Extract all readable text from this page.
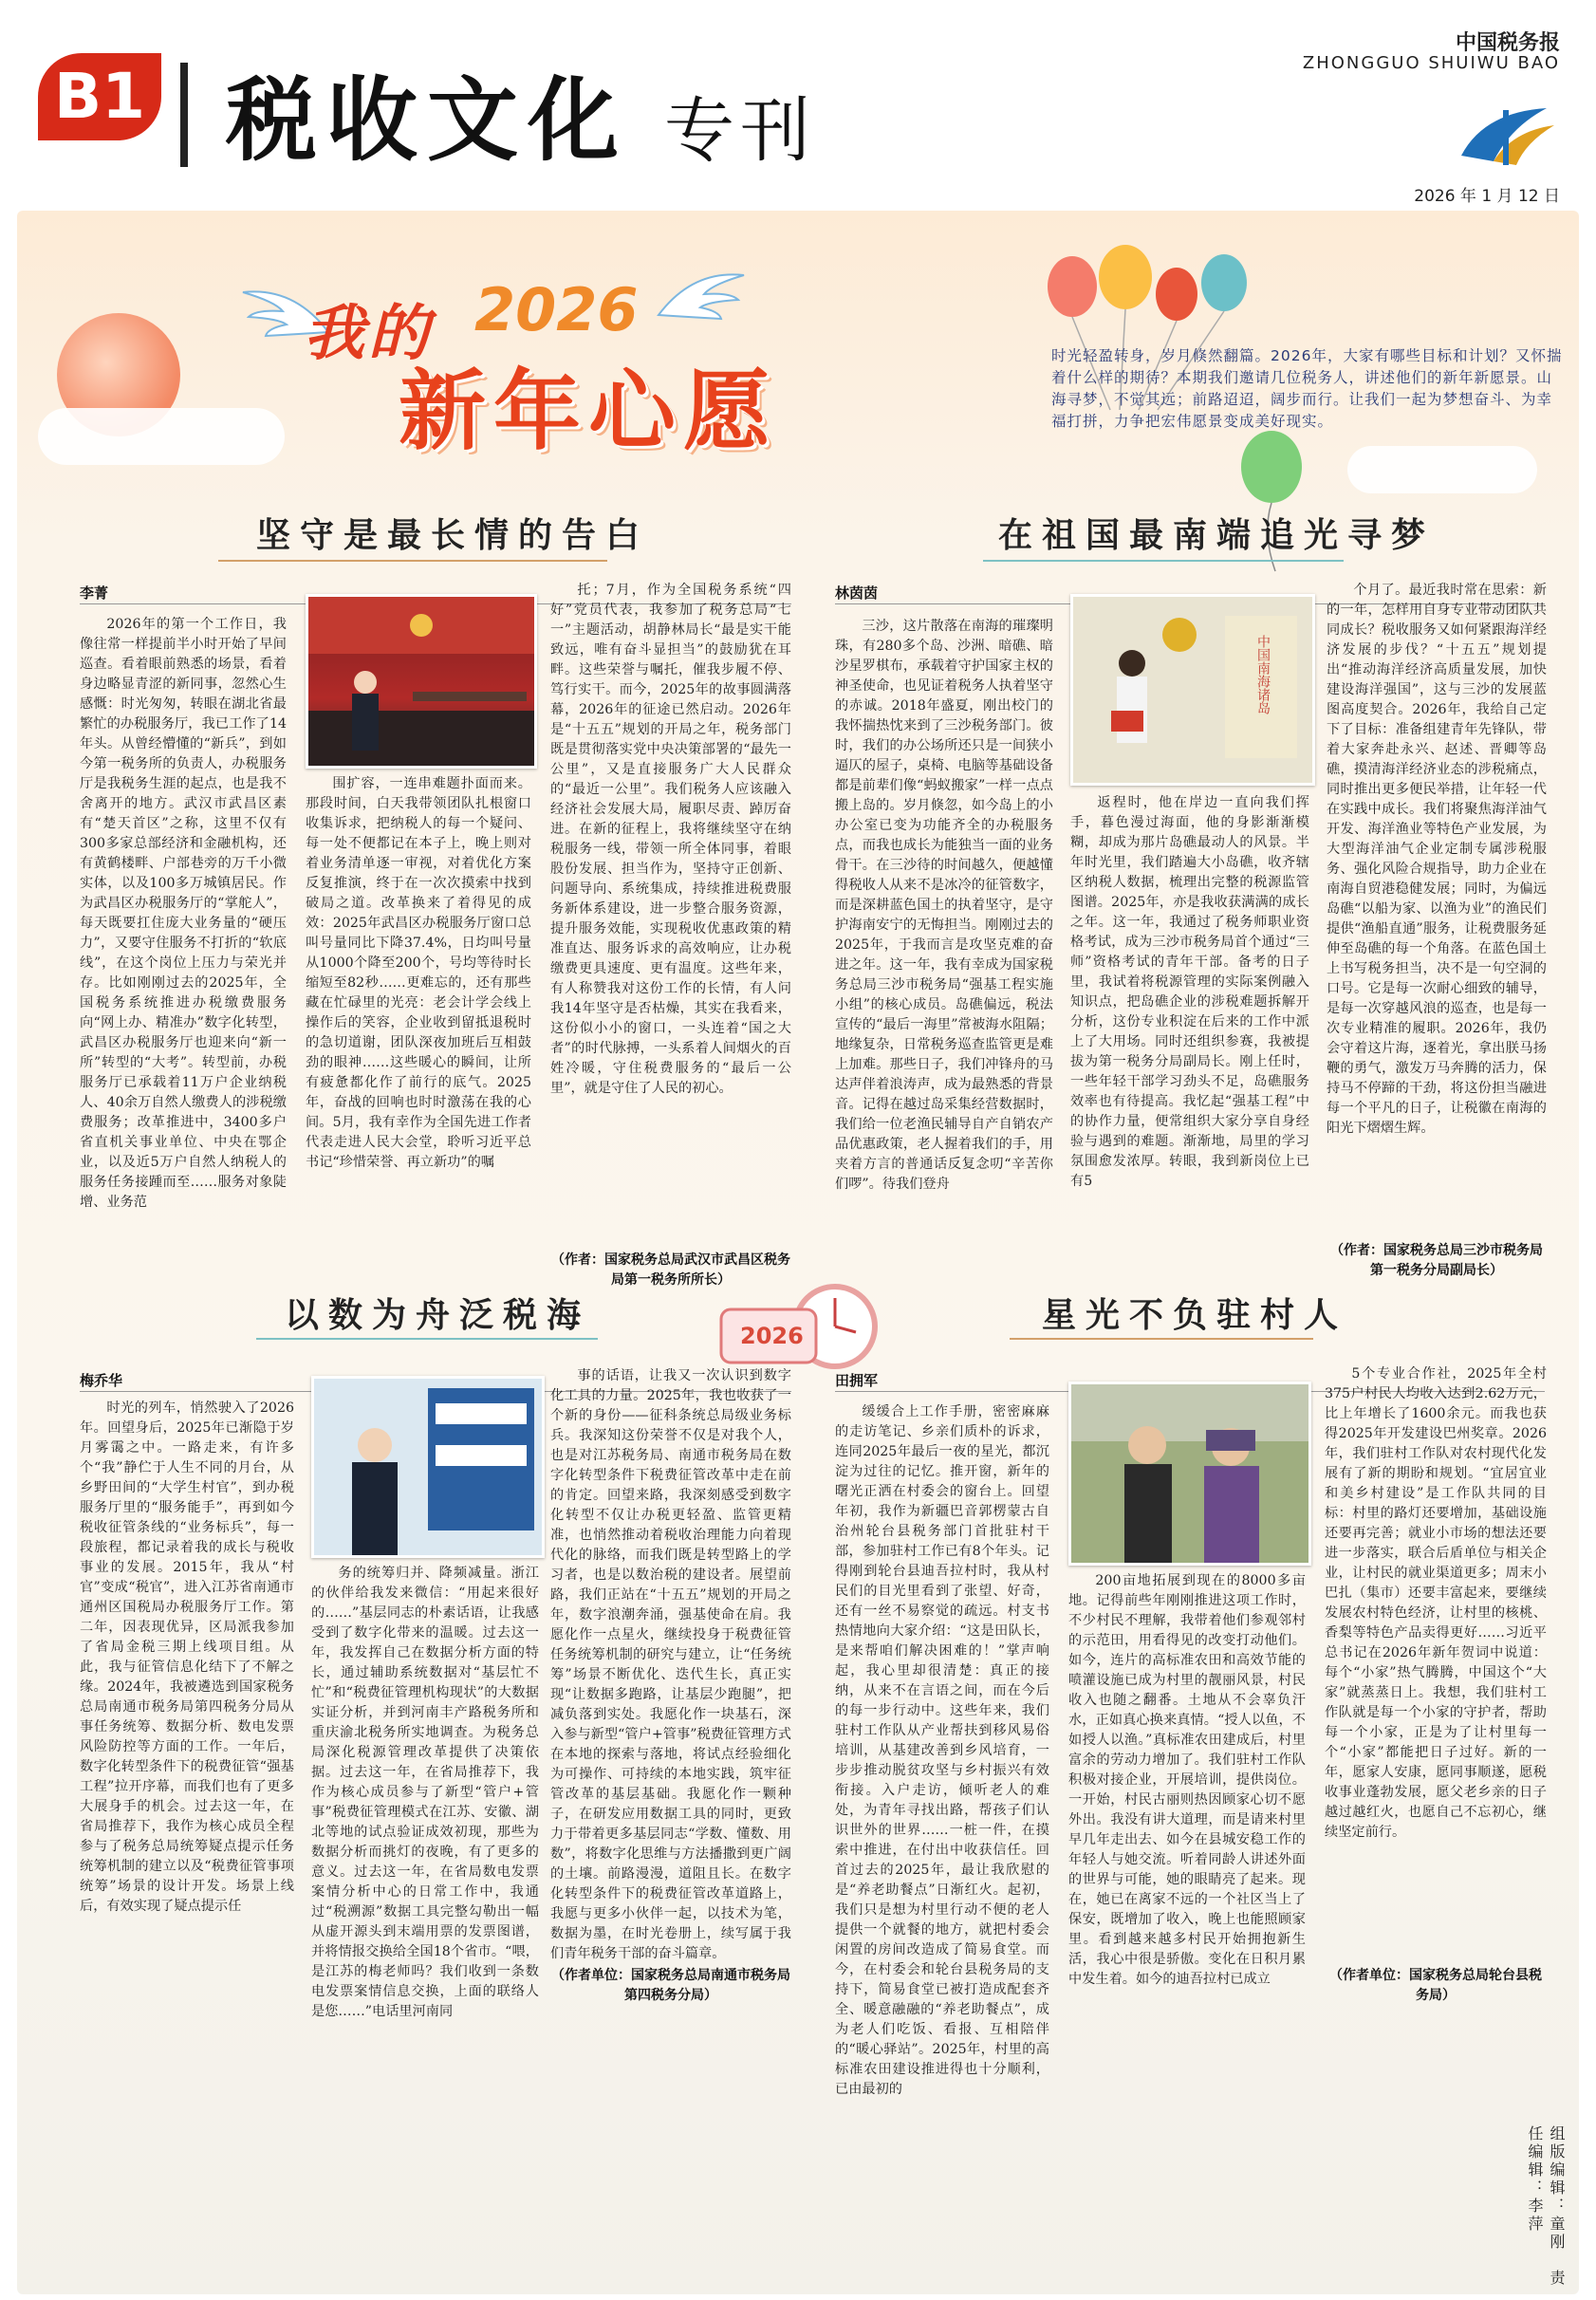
B1 税收文化 专刊
中国税务报
ZHONGGUO SHUIWU BAO
2026 年 1 月 12 日
我的 2026
新年心愿
时光轻盈转身，岁月倏然翻篇。2026年，大家有哪些目标和计划？又怀揣着什么样的期待？本期我们邀请几位税务人，讲述他们的新年新愿景。山海寻梦，不觉其远；前路迢迢，阔步而行。让我们一起为梦想奋斗、为幸福打拼，力争把宏伟愿景变成美好现实。
坚守是最长情的告白
李菁
2026年的第一个工作日，我像往常一样提前半小时开始了早间巡查。看着眼前熟悉的场景，看着身边略显青涩的新同事，忽然心生感慨：时光匆匆，转眼在湖北省最繁忙的办税服务厅，我已工作了14年头。从曾经懵懂的“新兵”，到如今第一税务所的负责人，办税服务厅是我税务生涯的起点，也是我不舍离开的地方。武汉市武昌区素有“楚天首区”之称，这里不仅有300多家总部经济和金融机构，还有黄鹤楼畔、户部巷旁的万千小微实体，以及100多万城镇居民。作为武昌区办税服务厅的“掌舵人”，每天既要扛住庞大业务量的“硬压力”，又要守住服务不打折的“软底线”，在这个岗位上压力与荣光并存。比如刚刚过去的2025年，全国税务系统推进办税缴费服务向“网上办、精准办”数字化转型，武昌区办税服务厅也迎来向“新一所”转型的“大考”。转型前，办税服务厅已承载着11万户企业纳税人、40余万自然人缴费人的涉税缴费服务；改革推进中，3400多户省直机关事业单位、中央在鄂企业，以及近5万户自然人纳税人的服务任务接踵而至……服务对象陡增、业务范
围扩容，一连串难题扑面而来。那段时间，白天我带领团队扎根窗口收集诉求，把纳税人的每一个疑问、每一处不便都记在本子上，晚上则对着业务清单逐一审视，对着优化方案反复推演，终于在一次次摸索中找到破局之道。改革换来了着得见的成效：2025年武昌区办税服务厅窗口总叫号量同比下降37.4%，日均叫号量从1000个降至200个，号均等待时长缩短至82秒……更难忘的，还有那些藏在忙碌里的光亮：老会计学会线上操作后的笑容，企业收到留抵退税时的急切道谢，团队深夜加班后互相鼓劲的眼神……这些暖心的瞬间，让所有疲惫都化作了前行的底气。2025年，奋战的回响也时时激荡在我的心间。5月，我有幸作为全国先进工作者代表走进人民大会堂，聆听习近平总书记“珍惜荣誉、再立新功”的嘱
托；7月，作为全国税务系统“四好”党员代表，我参加了税务总局“七一”主题活动，胡静林局长“最是实干能致远，唯有奋斗显担当”的鼓励犹在耳畔。这些荣誉与嘱托，催我步履不停、笃行实干。而今，2025年的故事圆满落幕，2026年的征途已然启动。2026年是“十五五”规划的开局之年，税务部门既是贯彻落实党中央决策部署的“最先一公里”，又是直接服务广大人民群众的“最近一公里”。我们税务人应该融入经济社会发展大局，履职尽责、踔厉奋进。在新的征程上，我将继续坚守在纳税服务一线，带领一所全体同事，着眼股份发展、担当作为，坚持守正创新、问题导向、系统集成，持续推进税费服务新体系建设，进一步整合服务资源，提升服务效能，实现税收优惠政策的精准直达、服务诉求的高效响应，让办税缴费更具速度、更有温度。这些年来，有人称赞我对这份工作的长情，有人问我14年坚守是否枯燥，其实在我看来，这份似小小的窗口，一头连着“国之大者”的时代脉搏，一头系着人间烟火的百姓冷暖，守住税费服务的“最后一公里”，就是守住了人民的初心。
（作者：国家税务总局武汉市武昌区税务局第一税务所所长）
在祖国最南端追光寻梦
林茵茵
三沙，这片散落在南海的璀璨明珠，有280多个岛、沙洲、暗礁、暗沙星罗棋布，承载着守护国家主权的神圣使命，也见证着税务人执着坚守的赤诚。2018年盛夏，刚出校门的我怀揣热忱来到了三沙税务部门。彼时，我们的办公场所还只是一间狭小逼仄的屋子，桌椅、电脑等基础设备都是前辈们像“蚂蚁搬家”一样一点点搬上岛的。岁月倏忽，如今岛上的小办公室已变为功能齐全的办税服务点，而我也成长为能独当一面的业务骨干。在三沙待的时间越久，便越懂得税收人从来不是冰冷的征管数字，而是深耕蓝色国土的执着坚守，是守护海南安宁的无悔担当。刚刚过去的2025年，于我而言是攻坚克难的奋进之年。这一年，我有幸成为国家税务总局三沙市税务局“强基工程实施小组”的核心成员。岛礁偏远，税法宣传的“最后一海里”常被海水阻隔；地缘复杂，日常税务巡查监管更是难上加难。那些日子，我们冲锋舟的马达声伴着浪涛声，成为最熟悉的背景音。记得在越过岛采集经营数据时，我们给一位老渔民辅导自产自销农产品优惠政策，老人握着我们的手，用夹着方言的普通话反复念叨“辛苦你们啰”。待我们登舟
中国南海诸岛
返程时，他在岸边一直向我们挥手，暮色漫过海面，他的身影渐渐模糊，却成为那片岛礁最动人的风景。半年时光里，我们踏遍大小岛礁，收齐辖区纳税人数据，梳理出完整的税源监管图谱。2025年，亦是我收获满满的成长之年。这一年，我通过了税务师职业资格考试，成为三沙市税务局首个通过“三师”资格考试的青年干部。备考的日子里，我试着将税源管理的实际案例融入知识点，把岛礁企业的涉税难题拆解开分析，这份专业积淀在后来的工作中派上了大用场。同时还组织参赛，我被提拔为第一税务分局副局长。刚上任时，一些年轻干部学习劲头不足，岛礁服务效率也有待提高。我忆起“强基工程”中的协作力量，便常组织大家分享自身经验与遇到的难题。渐渐地，局里的学习氛围愈发浓厚。转眼，我到新岗位上已有5
个月了。最近我时常在思索：新的一年，怎样用自身专业带动团队共同成长？税收服务又如何紧跟海洋经济发展的步伐？“十五五”规划提出“推动海洋经济高质量发展，加快建设海洋强国”，这与三沙的发展蓝图高度契合。2026年，我给自己定下了目标：准备组建青年先锋队，带着大家奔赴永兴、赵述、晋卿等岛礁，摸清海洋经济业态的涉税痛点，同时推出更多便民举措，让年轻一代在实践中成长。我们将聚焦海洋油气开发、海洋渔业等特色产业发展，为大型海洋油气企业定制专属涉税服务、强化风险合规指导，助力企业在南海自贸港稳健发展；同时，为偏远岛礁“以船为家、以渔为业”的渔民们提供“渔船直通”服务，让税费服务延伸至岛礁的每一个角落。在蓝色国土上书写税务担当，决不是一句空洞的口号。它是每一次耐心细致的辅导，是每一次穿越风浪的巡查，也是每一次专业精准的履职。2026年，我仍会守着这片海，逐着光，拿出朕马扬鞭的勇气，激发万马奔腾的活力，保持马不停蹄的干劲，将这份担当融进每一个平凡的日子，让税徽在南海的阳光下熠熠生辉。
（作者：国家税务总局三沙市税务局第一税务分局副局长）
2026
以数为舟泛税海
梅乔华
时光的列车，悄然驶入了2026年。回望身后，2025年已渐隐于岁月雾霭之中。一路走来，有许多个“我”静伫于人生不同的月台，从乡野田间的“大学生村官”，到办税服务厅里的“服务能手”，再到如今税收征管条线的“业务标兵”，每一段旅程，都记录着我的成长与税收事业的发展。2015年，我从“村官”变成“税官”，进入江苏省南通市通州区国税局办税服务厅工作。第二年，因表现优异，区局派我参加了省局金税三期上线项目组。从此，我与征管信息化结下了不解之缘。2024年，我被遴选到国家税务总局南通市税务局第四税务分局从事任务统筹、数据分析、数电发票风险防控等方面的工作。一年后，数字化转型条件下的税费征管“强基工程”拉开序幕，而我们也有了更多大展身手的机会。过去这一年，在省局推荐下，我作为核心成员全程参与了税务总局统筹疑点提示任务统筹机制的建立以及“税费征管事项统筹”场景的设计开发。场景上线后，有效实现了疑点提示任
务的统筹归并、降频减量。浙江的伙伴给我发来微信：“用起来很好的……”基层同志的朴素话语，让我感受到了数字化带来的温暖。过去这一年，我发挥自己在数据分析方面的特长，通过辅助系统数据对“基层忙不忙”和“税费征管理机构现状”的大数据实证分析，并到河南丰产路税务所和重庆渝北税务所实地调查。为税务总局深化税源管理改革提供了决策依据。过去这一年，在省局推荐下，我作为核心成员参与了新型“管户+管事”税费征管理模式在江苏、安徽、湖北等地的试点验证成效初现，那些为数据分析而挑灯的夜晚，有了更多的意义。过去这一年，在省局数电发票案情分析中心的日常工作中，我通过“税溯源”数据工具完整勾勒出一幅从虚开源头到末端用票的发票图谱，并将情报交换给全国18个省市。“喂，是江苏的梅老师吗？我们收到一条数电发票案情信息交换，上面的联络人是您……”电话里河南同
事的话语，让我又一次认识到数字化工具的力量。2025年，我也收获了一个新的身份——征科条统总局级业务标兵。我深知这份荣誉不仅是对我个人，也是对江苏税务局、南通市税务局在数字化转型条件下税费征管改革中走在前的肯定。回望来路，我深刻感受到数字化转型不仅让办税更轻盈、监管更精准，也悄然推动着税收治理能力向着现代化的脉络，而我们既是转型路上的学习者，也是以数治税的建设者。展望前路，我们正站在“十五五”规划的开局之年，数字浪潮奔涌，强基使命在肩。我愿化作一点星火，继续投身于税费征管任务统筹机制的研究与建立，让“任务统筹”场景不断优化、迭代生长，真正实现“让数据多跑路，让基层少跑腿”，把减负落到实处。我愿化作一块基石，深入参与新型“管户+管事”税费征管理方式在本地的探索与落地，将试点经验细化为可操作、可持续的本地实践，筑牢征管改革的基层基础。我愿化作一颗种子，在研发应用数据工具的同时，更致力于带着更多基层同志“学数、懂数、用数”，将数字化思维与方法播撒到更广阔的土壤。前路漫漫，道阻且长。在数字化转型条件下的税费征管改革道路上，我愿与更多小伙伴一起，以技术为笔，数据为墨，在时光卷册上，续写属于我们青年税务干部的奋斗篇章。
（作者单位：国家税务总局南通市税务局第四税务分局）
星光不负驻村人
田拥军
缓缓合上工作手册，密密麻麻的走访笔记、乡亲们质朴的诉求，连同2025年最后一夜的星光，都沉淀为过往的记忆。推开窗，新年的曙光正洒在村委会的窗台上。回望年初，我作为新疆巴音郭楞蒙古自治州轮台县税务部门首批驻村干部，参加驻村工作已有8个年头。记得刚到轮台县迪吾拉村时，我从村民们的目光里看到了张望、好奇，还有一丝不易察觉的疏远。村支书热情地向大家介绍：“这是田队长，是来帮咱们解决困难的！”掌声响起，我心里却很清楚：真正的接纳，从来不在言语之间，而在今后的每一步行动中。这些年来，我们驻村工作队从产业帮扶到移风易俗培训，从基建改善到乡风培育，一步步推动脱贫攻坚与乡村振兴有效衔接。入户走访，倾听老人的难处，为青年寻找出路，帮孩子们认识世外的世界……一桩一件，在摸索中推进，在付出中收获信任。回首过去的2025年，最让我欣慰的是“养老助餐点”日渐红火。起初，我们只是想为村里行动不便的老人提供一个就餐的地方，就把村委会闲置的房间改造成了简易食堂。而今，在村委会和轮台县税务局的支持下，简易食堂已被打造成配套齐全、暖意融融的“养老助餐点”，成为老人们吃饭、看报、互相陪伴的“暖心驿站”。2025年，村里的高标准农田建设推进得也十分顺利，已由最初的
200亩地拓展到现在的8000多亩地。记得前些年刚刚推进这项工作时，不少村民不理解，我带着他们参观邻村的示范田，用看得见的改变打动他们。如今，连片的高标准农田和高效节能的喷灌设施已成为村里的靓丽风景，村民收入也随之翻番。土地从不会辜负汗水，正如真心换来真情。“授人以鱼，不如授人以渔。”真标准农田建成后，村里富余的劳动力增加了。我们驻村工作队积极对接企业，开展培训，提供岗位。一开始，村民古丽则热因顾家心切不愿外出。我没有讲大道理，而是请来村里早几年走出去、如今在县城安稳工作的年轻人与她交流。听着同龄人讲述外面的世界与可能，她的眼睛亮了起来。现在，她已在离家不远的一个社区当上了保安，既增加了收入，晚上也能照顾家里。看到越来越多村民开始拥抱新生活，我心中很是骄傲。变化在日积月累中发生着。如今的迪吾拉村已成立
5个专业合作社，2025年全村375户村民人均收入达到2.62万元，比上年增长了1600余元。而我也获得2025年开发建设巴州奖章。2026年，我们驻村工作队对农村现代化发展有了新的期盼和规划。“宜居宜业和美乡村建设”是工作队共同的目标：村里的路灯还要增加，基础设施还要再完善；就业小市场的想法还要进一步落实，联合后盾单位与相关企业，让村民的就业渠道更多；周末小巴扎（集市）还要丰富起来，要继续发展农村特色经济，让村里的核桃、香梨等特色产品卖得更好……习近平总书记在2026年新年贺词中说道：每个“小家”热气腾腾，中国这个“大家”就蒸蒸日上。我想，我们驻村工作队就是每一个小家的守护者，帮助每一个小家，正是为了让村里每一个“小家”都能把日子过好。新的一年，愿家人安康，愿同事顺遂，愿税收事业蓬勃发展，愿父老乡亲的日子越过越红火，也愿自己不忘初心，继续坚定前行。
（作者单位：国家税务总局轮台县税务局）
组版编辑：童刚　责任编辑：李萍
